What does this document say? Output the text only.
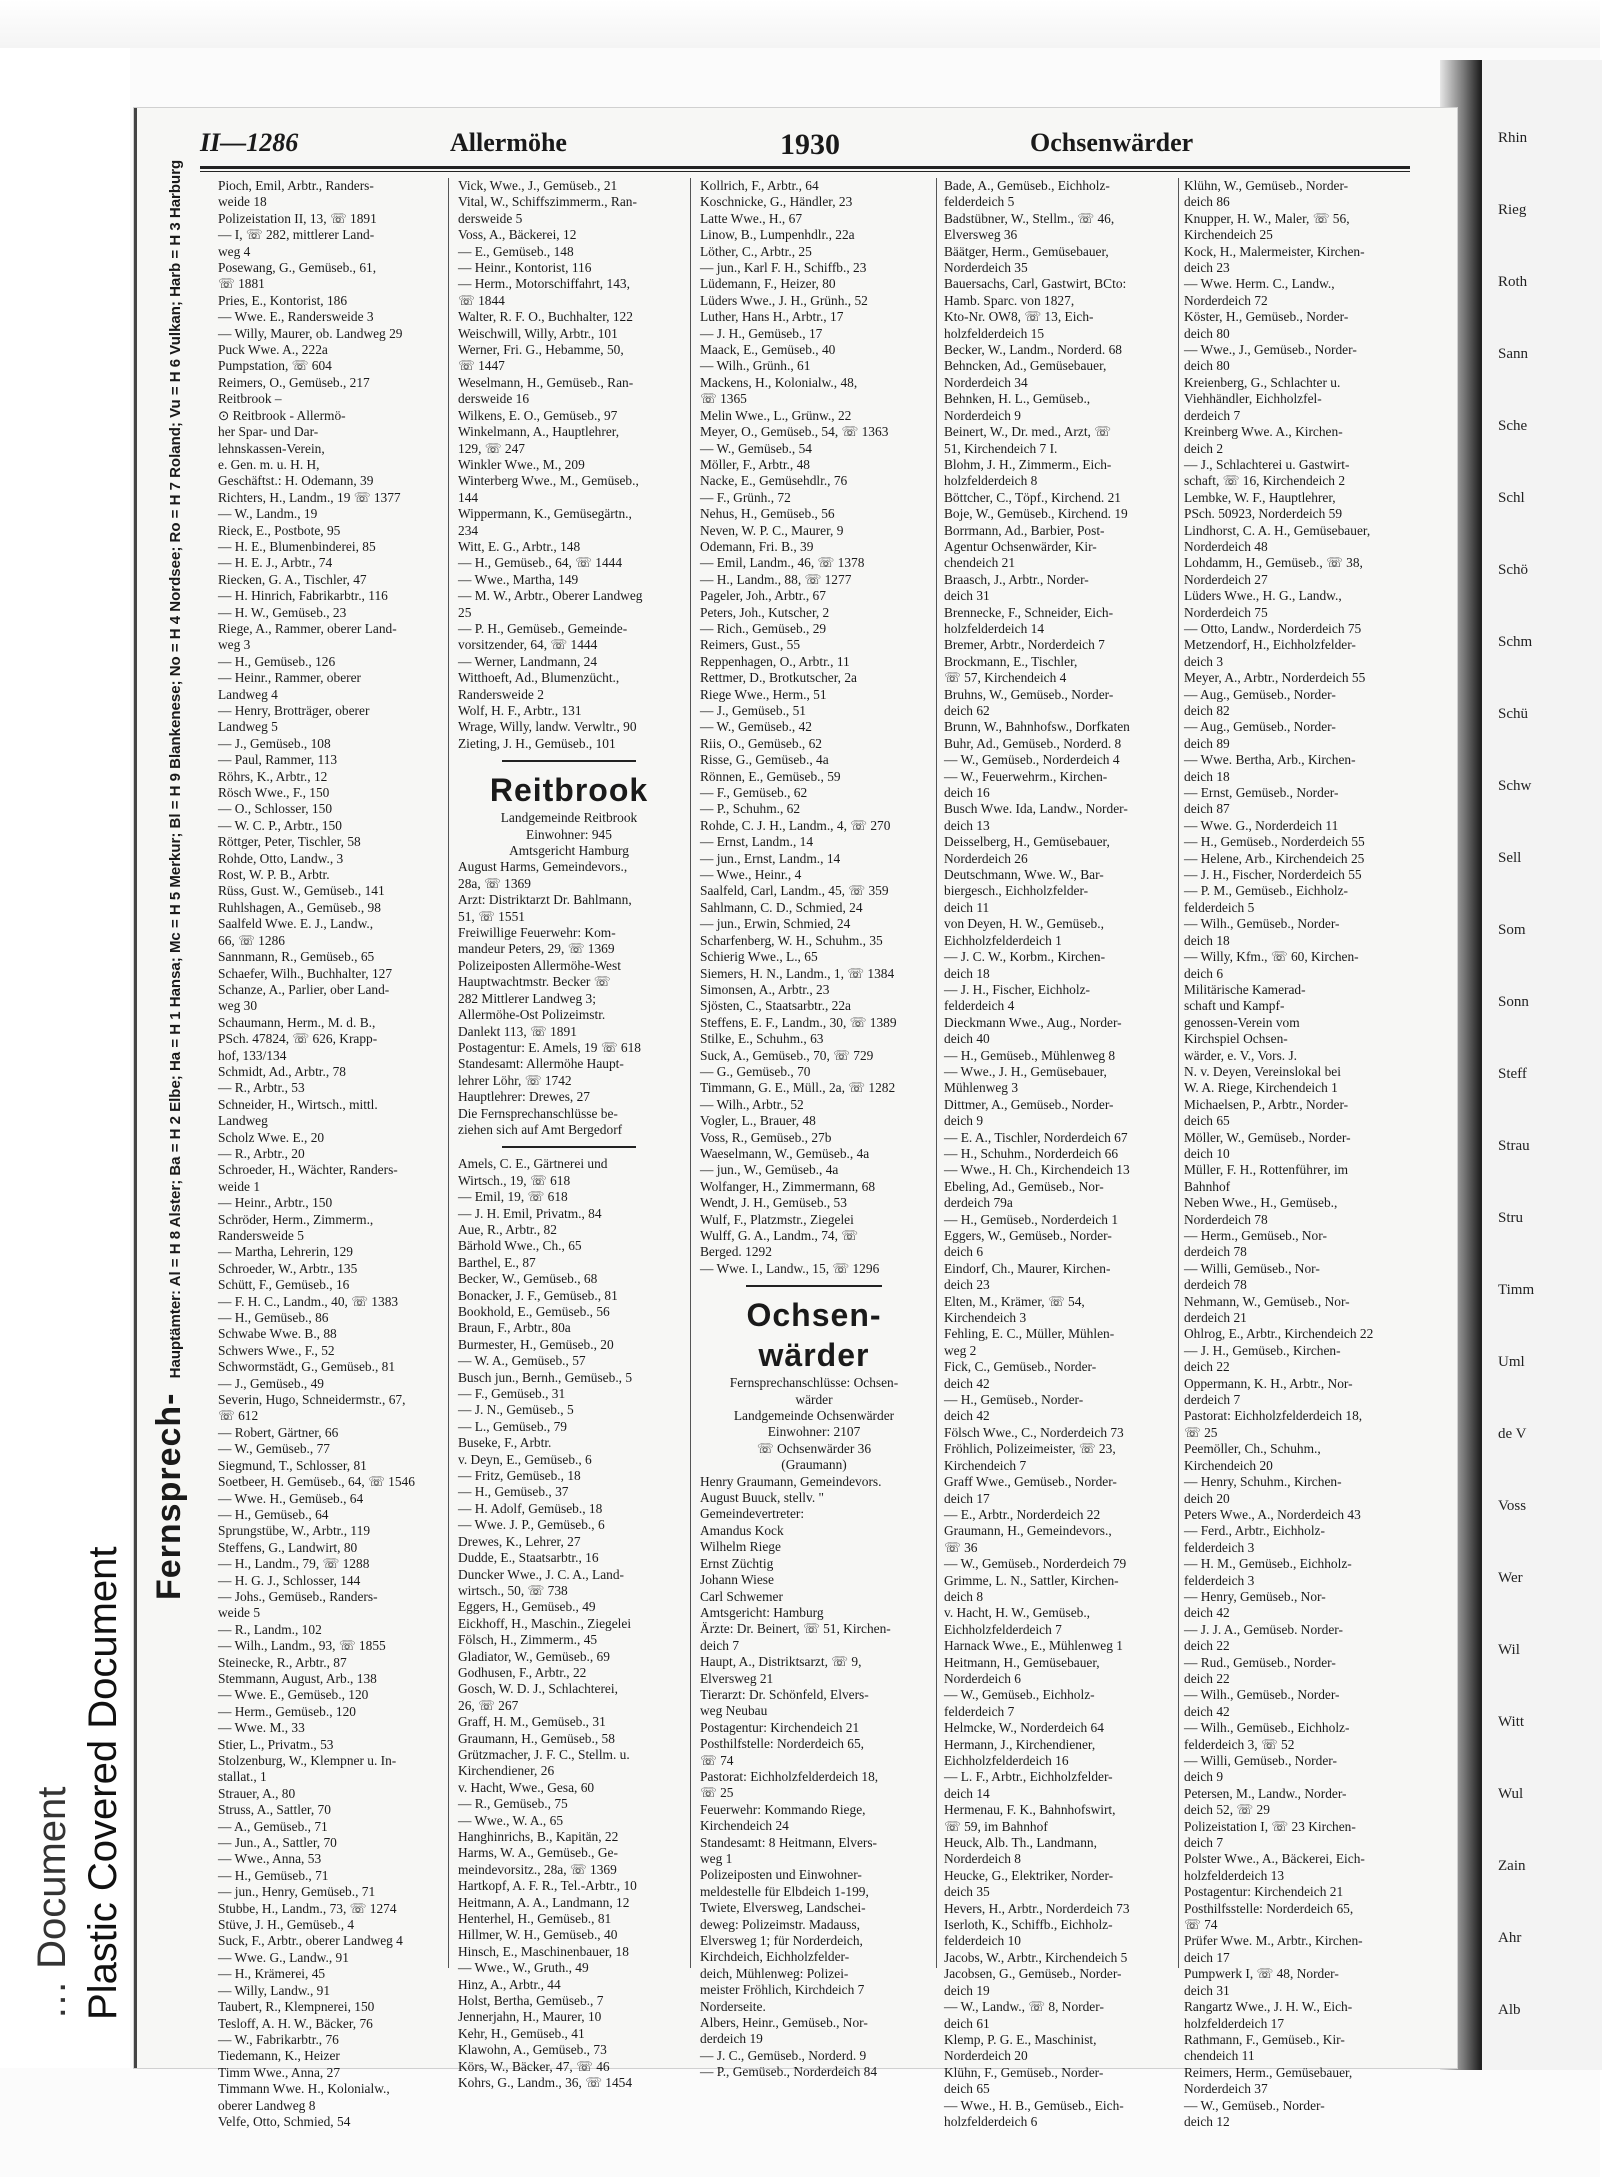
… Document Plastic Covered Document
Rhin
Rieg
Roth
Sann
Sche
Schl
Schö
Schm
Schü
Schw
Sell
Som
Sonn
Steff
Strau
Stru
Timm
Uml
de V
Voss
Wer
Wil
Witt
Wul
Zain
Ahr
Alb
II—1286	Allermöhe	1930	Ochsenwärder
Fernsprech- Hauptämter: Al = H 8 Alster; Ba = H 2 Elbe; Ha = H 1 Hansa; Mc = H 5 Merkur; Bl = H 9 Blankenese; No = H 4 Nordsee; Ro = H 7 Roland; Vu = H 6 Vulkan; Harb = H 3 Harburg	Pioch, Emil, Arbtr., Randers-
weide 18
Polizeistation II, 13, ☏ 1891
— I, ☏ 282, mittlerer Land-
weg 4
Posewang, G., Gemüseb., 61,
☏ 1881
Pries, E., Kontorist, 186
— Wwe. E., Randersweide 3
— Willy, Maurer, ob. Landweg 29
Puck Wwe. A., 222a
Pumpstation, ☏ 604
Reimers, O., Gemüseb., 217
Reitbrook –
⊙ Reitbrook - Allermö-
her Spar- und Dar-
lehnskassen-Verein,
e. Gen. m. u. H. H,
Geschäftst.: H. Odemann, 39
Richters, H., Landm., 19 ☏ 1377
— W., Landm., 19
Rieck, E., Postbote, 95
— H. E., Blumenbinderei, 85
— H. E. J., Arbtr., 74
Riecken, G. A., Tischler, 47
— H. Hinrich, Fabrikarbtr., 116
— H. W., Gemüseb., 23
Riege, A., Rammer, oberer Land-
weg 3
— H., Gemüseb., 126
— Heinr., Rammer, oberer
Landweg 4
— Henry, Brotträger, oberer
Landweg 5
— J., Gemüseb., 108
— Paul, Rammer, 113
Röhrs, K., Arbtr., 12
Rösch Wwe., F., 150
— O., Schlosser, 150
— W. C. P., Arbtr., 150
Röttger, Peter, Tischler, 58
Rohde, Otto, Landw., 3
Rost, W. P. B., Arbtr.
Rüss, Gust. W., Gemüseb., 141
Ruhlshagen, A., Gemüseb., 98
Saalfeld Wwe. E. J., Landw.,
66, ☏ 1286
Sannmann, R., Gemüseb., 65
Schaefer, Wilh., Buchhalter, 127
Schanze, A., Parlier, ober Land-
weg 30
Schaumann, Herm., M. d. B.,
PSch. 47824, ☏ 626, Krapp-
hof, 133/134
Schmidt, Ad., Arbtr., 78
— R., Arbtr., 53
Schneider, H., Wirtsch., mittl.
Landweg
Scholz Wwe. E., 20
— R., Arbtr., 20
Schroeder, H., Wächter, Randers-
weide 1
— Heinr., Arbtr., 150
Schröder, Herm., Zimmerm.,
Randersweide 5
— Martha, Lehrerin, 129
Schroeder, W., Arbtr., 135
Schütt, F., Gemüseb., 16
— F. H. C., Landm., 40, ☏ 1383
— H., Gemüseb., 86
Schwabe Wwe. B., 88
Schwers Wwe., F., 52
Schwormstädt, G., Gemüseb., 81
— J., Gemüseb., 49
Severin, Hugo, Schneidermstr., 67,
☏ 612
— Robert, Gärtner, 66
— W., Gemüseb., 77
Siegmund, T., Schlosser, 81
Soetbeer, H. Gemüseb., 64, ☏ 1546
— Wwe. H., Gemüseb., 64
— H., Gemüseb., 64
Sprungstübe, W., Arbtr., 119
Steffens, G., Landwirt, 80
— H., Landm., 79, ☏ 1288
— H. G. J., Schlosser, 144
— Johs., Gemüseb., Randers-
weide 5
— R., Landm., 102
— Wilh., Landm., 93, ☏ 1855
Steinecke, R., Arbtr., 87
Stemmann, August, Arb., 138
— Wwe. E., Gemüseb., 120
— Herm., Gemüseb., 120
— Wwe. M., 33
Stier, L., Privatm., 53
Stolzenburg, W., Klempner u. In-
stallat., 1
Strauer, A., 80
Struss, A., Sattler, 70
— A., Gemüseb., 71
— Jun., A., Sattler, 70
— Wwe., Anna, 53
— H., Gemüseb., 71
— jun., Henry, Gemüseb., 71
Stubbe, H., Landm., 73, ☏ 1274
Stüve, J. H., Gemüseb., 4
Suck, F., Arbtr., oberer Landweg 4
— Wwe. G., Landw., 91
— H., Krämerei, 45
— Willy, Landw., 91
Taubert, R., Klempnerei, 150
Tesloff, A. H. W., Bäcker, 76
— W., Fabrikarbtr., 76
Tiedemann, K., Heizer
Timm Wwe., Anna, 27
Timmann Wwe. H., Kolonialw.,
oberer Landweg 8
Velfe, Otto, Schmied, 54
Vick, Wwe., J., Gemüseb., 21
Vital, W., Schiffszimmerm., Ran-
dersweide 5
Voss, A., Bäckerei, 12
— E., Gemüseb., 148
— Heinr., Kontorist, 116
— Herm., Motorschiffahrt, 143,
☏ 1844
Walter, R. F. O., Buchhalter, 122
Weischwill, Willy, Arbtr., 101
Werner, Fri. G., Hebamme, 50,
☏ 1447
Weselmann, H., Gemüseb., Ran-
dersweide 16
Wilkens, E. O., Gemüseb., 97
Winkelmann, A., Hauptlehrer,
129, ☏ 247
Winkler Wwe., M., 209
Winterberg Wwe., M., Gemüseb.,
144
Wippermann, K., Gemüsegärtn.,
234
Witt, E. G., Arbtr., 148
— H., Gemüseb., 64, ☏ 1444
— Wwe., Martha, 149
— M. W., Arbtr., Oberer Landweg
25
— P. H., Gemüseb., Gemeinde-
vorsitzender, 64, ☏ 1444
— Werner, Landmann, 24
Witthoeft, Ad., Blumenzücht.,
Randersweide 2
Wolf, H. F., Arbtr., 131
Wrage, Willy, landw. Verwltr., 90
Zieting, J. H., Gemüseb., 101
Reitbrook
Landgemeinde Reitbrook
Einwohner: 945
Amtsgericht Hamburg
August Harms, Gemeindevors.,
28a, ☏ 1369
Arzt: Distriktarzt Dr. Bahlmann,
51, ☏ 1551
Freiwillige Feuerwehr: Kom-
mandeur Peters, 29, ☏ 1369
Polizeiposten Allermöhe-West
Hauptwachtmstr. Becker ☏
282 Mittlerer Landweg 3;
Allermöhe-Ost Polizeimstr.
Danlekt 113, ☏ 1891
Postagentur: E. Amels, 19 ☏ 618
Standesamt: Allermöhe Haupt-
lehrer Löhr, ☏ 1742
Hauptlehrer: Drewes, 27
Die Fernsprechanschlüsse be-
ziehen sich auf Amt Bergedorf
Amels, C. E., Gärtnerei und
Wirtsch., 19, ☏ 618
— Emil, 19, ☏ 618
— J. H. Emil, Privatm., 84
Aue, R., Arbtr., 82
Bärhold Wwe., Ch., 65
Barthel, E., 87
Becker, W., Gemüseb., 68
Bonacker, J. F., Gemüseb., 81
Bookhold, E., Gemüseb., 56
Braun, F., Arbtr., 80a
Burmester, H., Gemüseb., 20
— W. A., Gemüseb., 57
Busch jun., Bernh., Gemüseb., 5
— F., Gemüseb., 31
— J. N., Gemüseb., 5
— L., Gemüseb., 79
Buseke, F., Arbtr.
v. Deyn, E., Gemüseb., 6
— Fritz, Gemüseb., 18
— H., Gemüseb., 37
— H. Adolf, Gemüseb., 18
— Wwe. J. P., Gemüseb., 6
Drewes, K., Lehrer, 27
Dudde, E., Staatsarbtr., 16
Duncker Wwe., J. C. A., Land-
wirtsch., 50, ☏ 738
Eggers, H., Gemüseb., 49
Eickhoff, H., Maschin., Ziegelei
Fölsch, H., Zimmerm., 45
Gladiator, W., Gemüseb., 69
Godhusen, F., Arbtr., 22
Gosch, W. D. J., Schlachterei,
26, ☏ 267
Graff, H. M., Gemüseb., 31
Graumann, H., Gemüseb., 58
Grützmacher, J. F. C., Stellm. u.
Kirchendiener, 26
v. Hacht, Wwe., Gesa, 60
— R., Gemüseb., 75
— Wwe., W. A., 65
Hanghinrichs, B., Kapitän, 22
Harms, W. A., Gemüseb., Ge-
meindevorsitz., 28a, ☏ 1369
Hartkopf, A. F. R., Tel.-Arbtr., 10
Heitmann, A. A., Landmann, 12
Henterhel, H., Gemüseb., 81
Hillmer, W. H., Gemüseb., 40
Hinsch, E., Maschinenbauer, 18
— Wwe., W., Gruth., 49
Hinz, A., Arbtr., 44
Holst, Bertha, Gemüseb., 7
Jennerjahn, H., Maurer, 10
Kehr, H., Gemüseb., 41
Klawohn, A., Gemüseb., 73
Körs, W., Bäcker, 47, ☏ 46
Kohrs, G., Landm., 36, ☏ 1454
Kollrich, F., Arbtr., 64
Koschnicke, G., Händler, 23
Latte Wwe., H., 67
Linow, B., Lumpenhdlr., 22a
Löther, C., Arbtr., 25
— jun., Karl F. H., Schiffb., 23
Lüdemann, F., Heizer, 80
Lüders Wwe., J. H., Grünh., 52
Luther, Hans H., Arbtr., 17
— J. H., Gemüseb., 17
Maack, E., Gemüseb., 40
— Wilh., Grünh., 61
Mackens, H., Kolonialw., 48,
☏ 1365
Melin Wwe., L., Grünw., 22
Meyer, O., Gemüseb., 54, ☏ 1363
— W., Gemüseb., 54
Möller, F., Arbtr., 48
Nacke, E., Gemüsehdlr., 76
— F., Grünh., 72
Nehus, H., Gemüseb., 56
Neven, W. P. C., Maurer, 9
Odemann, Fri. B., 39
— Emil, Landm., 46, ☏ 1378
— H., Landm., 88, ☏ 1277
Pageler, Joh., Arbtr., 67
Peters, Joh., Kutscher, 2
— Rich., Gemüseb., 29
Reimers, Gust., 55
Reppenhagen, O., Arbtr., 11
Rettmer, D., Brotkutscher, 2a
Riege Wwe., Herm., 51
— J., Gemüseb., 51
— W., Gemüseb., 42
Riis, O., Gemüseb., 62
Risse, G., Gemüseb., 4a
Rönnen, E., Gemüseb., 59
— F., Gemüseb., 62
— P., Schuhm., 62
Rohde, C. J. H., Landm., 4, ☏ 270
— Ernst, Landm., 14
— jun., Ernst, Landm., 14
— Wwe., Heinr., 4
Saalfeld, Carl, Landm., 45, ☏ 359
Sahlmann, C. D., Schmied, 24
— jun., Erwin, Schmied, 24
Scharfenberg, W. H., Schuhm., 35
Schierig Wwe., L., 65
Siemers, H. N., Landm., 1, ☏ 1384
Simonsen, A., Arbtr., 23
Sjösten, C., Staatsarbtr., 22a
Steffens, E. F., Landm., 30, ☏ 1389
Stilke, E., Schuhm., 63
Suck, A., Gemüseb., 70, ☏ 729
— G., Gemüseb., 70
Timmann, G. E., Müll., 2a, ☏ 1282
— Wilh., Arbtr., 52
Vogler, L., Brauer, 48
Voss, R., Gemüseb., 27b
Waeselmann, W., Gemüseb., 4a
— jun., W., Gemüseb., 4a
Wolfanger, H., Zimmermann, 68
Wendt, J. H., Gemüseb., 53
Wulf, F., Platzmstr., Ziegelei
Wulff, G. A., Landm., 74, ☏
Berged. 1292
— Wwe. I., Landw., 15, ☏ 1296
Ochsen-
wärder
Fernsprechanschlüsse: Ochsen-
wärder
Landgemeinde Ochsenwärder
Einwohner: 2107
☏ Ochsenwärder 36
(Graumann)
Henry Graumann, Gemeindevors.
August Buuck, stellv. "
Gemeindevertreter:
Amandus Kock
Wilhelm Riege
Ernst Züchtig
Johann Wiese
Carl Schwemer
Amtsgericht: Hamburg
Ärzte: Dr. Beinert, ☏ 51, Kirchen-
deich 7
Haupt, A., Distriktsarzt, ☏ 9,
Elversweg 21
Tierarzt: Dr. Schönfeld, Elvers-
weg Neubau
Postagentur: Kirchendeich 21
Posthilfstelle: Norderdeich 65,
☏ 74
Pastorat: Eichholzfelderdeich 18,
☏ 25
Feuerwehr: Kommando Riege,
Kirchendeich 24
Standesamt: 8 Heitmann, Elvers-
weg 1
Polizeiposten und Einwohner-
meldestelle für Elbdeich 1-199,
Twiete, Elversweg, Landschei-
deweg: Polizeimstr. Madauss,
Elversweg 1; für Norderdeich,
Kirchdeich, Eichholzfelder-
deich, Mühlenweg: Polizei-
meister Fröhlich, Kirchdeich 7
Norderseite.
Albers, Heinr., Gemüseb., Nor-
derdeich 19
— J. C., Gemüseb., Norderd. 9
— P., Gemüseb., Norderdeich 84
Bade, A., Gemüseb., Eichholz-
felderdeich 5
Badstübner, W., Stellm., ☏ 46,
Elversweg 36
Bäätger, Herm., Gemüsebauer,
Norderdeich 35
Bauersachs, Carl, Gastwirt, BCto:
Hamb. Sparc. von 1827,
Kto-Nr. OW8, ☏ 13, Eich-
holzfelderdeich 15
Becker, W., Landm., Norderd. 68
Behncken, Ad., Gemüsebauer,
Norderdeich 34
Behnken, H. L., Gemüseb.,
Norderdeich 9
Beinert, W., Dr. med., Arzt, ☏
51, Kirchendeich 7 I.
Blohm, J. H., Zimmerm., Eich-
holzfelderdeich 8
Böttcher, C., Töpf., Kirchend. 21
Boje, W., Gemüseb., Kirchend. 19
Borrmann, Ad., Barbier, Post-
Agentur Ochsenwärder, Kir-
chendeich 21
Braasch, J., Arbtr., Norder-
deich 31
Brennecke, F., Schneider, Eich-
holzfelderdeich 14
Bremer, Arbtr., Norderdeich 7
Brockmann, E., Tischler,
☏ 57, Kirchendeich 4
Bruhns, W., Gemüseb., Norder-
deich 62
Brunn, W., Bahnhofsw., Dorfkaten
Buhr, Ad., Gemüseb., Norderd. 8
— W., Gemüseb., Norderdeich 4
— W., Feuerwehrm., Kirchen-
deich 16
Busch Wwe. Ida, Landw., Norder-
deich 13
Deisselberg, H., Gemüsebauer,
Norderdeich 26
Deutschmann, Wwe. W., Bar-
biergesch., Eichholzfelder-
deich 11
von Deyen, H. W., Gemüseb.,
Eichholzfelderdeich 1
— J. C. W., Korbm., Kirchen-
deich 18
— J. H., Fischer, Eichholz-
felderdeich 4
Dieckmann Wwe., Aug., Norder-
deich 40
— H., Gemüseb., Mühlenweg 8
— Wwe., J. H., Gemüsebauer,
Mühlenweg 3
Dittmer, A., Gemüseb., Norder-
deich 9
— E. A., Tischler, Norderdeich 67
— H., Schuhm., Norderdeich 66
— Wwe., H. Ch., Kirchendeich 13
Ebeling, Ad., Gemüseb., Nor-
derdeich 79a
— H., Gemüseb., Norderdeich 1
Eggers, W., Gemüseb., Norder-
deich 6
Eindorf, Ch., Maurer, Kirchen-
deich 23
Elten, M., Krämer, ☏ 54,
Kirchendeich 3
Fehling, E. C., Müller, Mühlen-
weg 2
Fick, C., Gemüseb., Norder-
deich 42
— H., Gemüseb., Norder-
deich 42
Fölsch Wwe., C., Norderdeich 73
Fröhlich, Polizeimeister, ☏ 23,
Kirchendeich 7
Graff Wwe., Gemüseb., Norder-
deich 17
— E., Arbtr., Norderdeich 22
Graumann, H., Gemeindevors.,
☏ 36
— W., Gemüseb., Norderdeich 79
Grimme, L. N., Sattler, Kirchen-
deich 8
v. Hacht, H. W., Gemüseb.,
Eichholzfelderdeich 7
Harnack Wwe., E., Mühlenweg 1
Heitmann, H., Gemüsebauer,
Norderdeich 6
— W., Gemüseb., Eichholz-
felderdeich 7
Helmcke, W., Norderdeich 64
Hermann, J., Kirchendiener,
Eichholzfelderdeich 16
— L. F., Arbtr., Eichholzfelder-
deich 14
Hermenau, F. K., Bahnhofswirt,
☏ 59, im Bahnhof
Heuck, Alb. Th., Landmann,
Norderdeich 8
Heucke, G., Elektriker, Norder-
deich 35
Hevers, H., Arbtr., Norderdeich 73
Iserloth, K., Schiffb., Eichholz-
felderdeich 10
Jacobs, W., Arbtr., Kirchendeich 5
Jacobsen, G., Gemüseb., Norder-
deich 19
— W., Landw., ☏ 8, Norder-
deich 61
Klemp, P. G. E., Maschinist,
Norderdeich 20
Klühn, F., Gemüseb., Norder-
deich 65
— Wwe., H. B., Gemüseb., Eich-
holzfelderdeich 6
Klühn, W., Gemüseb., Norder-
deich 86
Knupper, H. W., Maler, ☏ 56,
Kirchendeich 25
Kock, H., Malermeister, Kirchen-
deich 23
— Wwe. Herm. C., Landw.,
Norderdeich 72
Köster, H., Gemüseb., Norder-
deich 80
— Wwe., J., Gemüseb., Norder-
deich 80
Kreienberg, G., Schlachter u.
Viehhändler, Eichholzfel-
derdeich 7
Kreinberg Wwe. A., Kirchen-
deich 2
— J., Schlachterei u. Gastwirt-
schaft, ☏ 16, Kirchendeich 2
Lembke, W. F., Hauptlehrer,
PSch. 50923, Norderdeich 59
Lindhorst, C. A. H., Gemüsebauer,
Norderdeich 48
Lohdamm, H., Gemüseb., ☏ 38,
Norderdeich 27
Lüders Wwe., H. G., Landw.,
Norderdeich 75
— Otto, Landw., Norderdeich 75
Metzendorf, H., Eichholzfelder-
deich 3
Meyer, A., Arbtr., Norderdeich 55
— Aug., Gemüseb., Norder-
deich 82
— Aug., Gemüseb., Norder-
deich 89
— Wwe. Bertha, Arb., Kirchen-
deich 18
— Ernst, Gemüseb., Norder-
deich 87
— Wwe. G., Norderdeich 11
— H., Gemüseb., Norderdeich 55
— Helene, Arb., Kirchendeich 25
— J. H., Fischer, Norderdeich 55
— P. M., Gemüseb., Eichholz-
felderdeich 5
— Wilh., Gemüseb., Norder-
deich 18
— Willy, Kfm., ☏ 60, Kirchen-
deich 6
Militärische Kamerad-
schaft und Kampf-
genossen-Verein vom
Kirchspiel Ochsen-
wärder, e. V., Vors. J.
N. v. Deyen, Vereinslokal bei
W. A. Riege, Kirchendeich 1
Michaelsen, P., Arbtr., Norder-
deich 65
Möller, W., Gemüseb., Norder-
deich 10
Müller, F. H., Rottenführer, im
Bahnhof
Neben Wwe., H., Gemüseb.,
Norderdeich 78
— Herm., Gemüseb., Nor-
derdeich 78
— Willi, Gemüseb., Nor-
derdeich 78
Nehmann, W., Gemüseb., Nor-
derdeich 21
Ohlrog, E., Arbtr., Kirchendeich 22
— J. H., Gemüseb., Kirchen-
deich 22
Oppermann, K. H., Arbtr., Nor-
derdeich 7
Pastorat: Eichholzfelderdeich 18,
☏ 25
Peemöller, Ch., Schuhm.,
Kirchendeich 20
— Henry, Schuhm., Kirchen-
deich 20
Peters Wwe., A., Norderdeich 43
— Ferd., Arbtr., Eichholz-
felderdeich 3
— H. M., Gemüseb., Eichholz-
felderdeich 3
— Henry, Gemüseb., Nor-
deich 42
— J. J. A., Gemüseb. Norder-
deich 22
— Rud., Gemüseb., Norder-
deich 22
— Wilh., Gemüseb., Norder-
deich 42
— Wilh., Gemüseb., Eichholz-
felderdeich 3, ☏ 52
— Willi, Gemüseb., Norder-
deich 9
Petersen, M., Landw., Norder-
deich 52, ☏ 29
Polizeistation I, ☏ 23 Kirchen-
deich 7
Polster Wwe., A., Bäckerei, Eich-
holzfelderdeich 13
Postagentur: Kirchendeich 21
Posthilfsstelle: Norderdeich 65,
☏ 74
Prüfer Wwe. M., Arbtr., Kirchen-
deich 17
Pumpwerk I, ☏ 48, Norder-
deich 31
Rangartz Wwe., J. H. W., Eich-
holzfelderdeich 17
Rathmann, F., Gemüseb., Kir-
chendeich 11
Reimers, Herm., Gemüsebauer,
Norderdeich 37
— W., Gemüseb., Norder-
deich 12
